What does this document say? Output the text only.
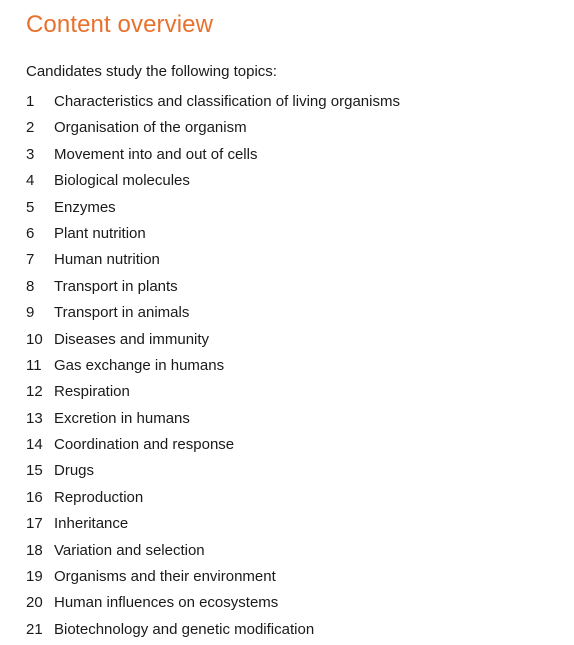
Content overview
Candidates study the following topics:
1	Characteristics and classification of living organisms
2	Organisation of the organism
3	Movement into and out of cells
4	Biological molecules
5	Enzymes
6	Plant nutrition
7	Human nutrition
8	Transport in plants
9	Transport in animals
10 Diseases and immunity
11 Gas exchange in humans
12 Respiration
13 Excretion in humans
14 Coordination and response
15 Drugs
16 Reproduction
17 Inheritance
18 Variation and selection
19 Organisms and their environment
20 Human influences on ecosystems
21 Biotechnology and genetic modification
